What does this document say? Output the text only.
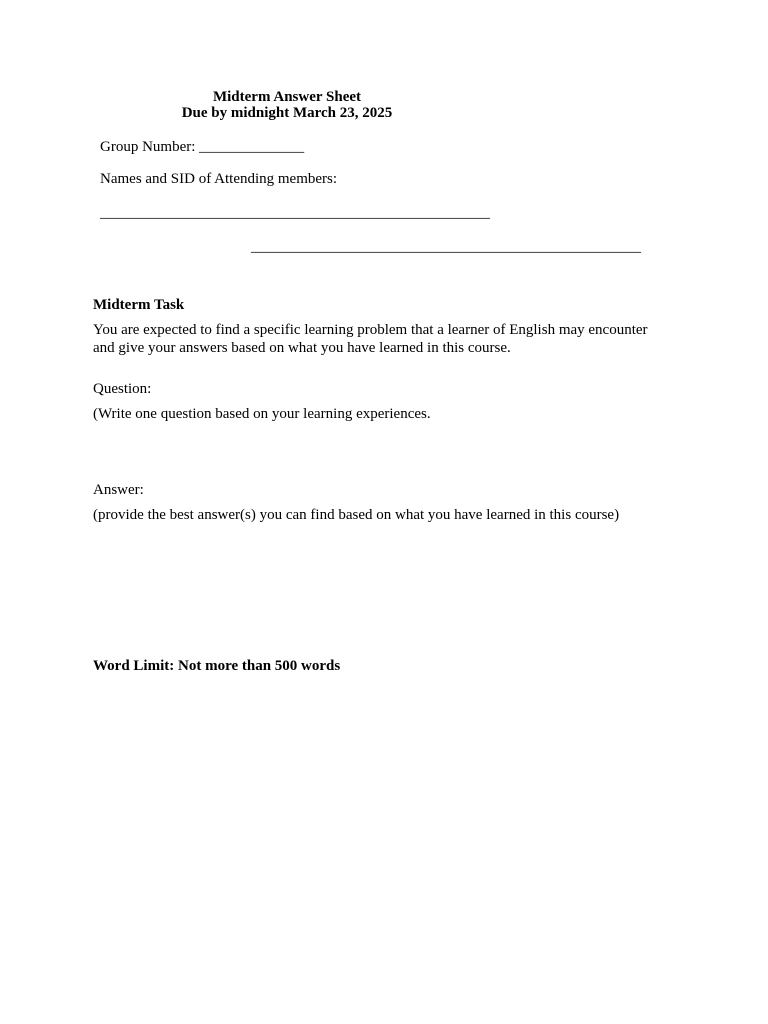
Midterm Answer Sheet
Due by midnight March 23, 2025
Group Number: ______________
Names and SID of Attending members:
____________________________________________________
____________________________________________________
Midterm Task
You are expected to find a specific learning problem that a learner of English may encounter
and give your answers based on what you have learned in this course.
Question:
(Write one question based on your learning experiences.
Answer:
(provide the best answer(s) you can find based on what you have learned in this course)
Word Limit: Not more than 500 words
